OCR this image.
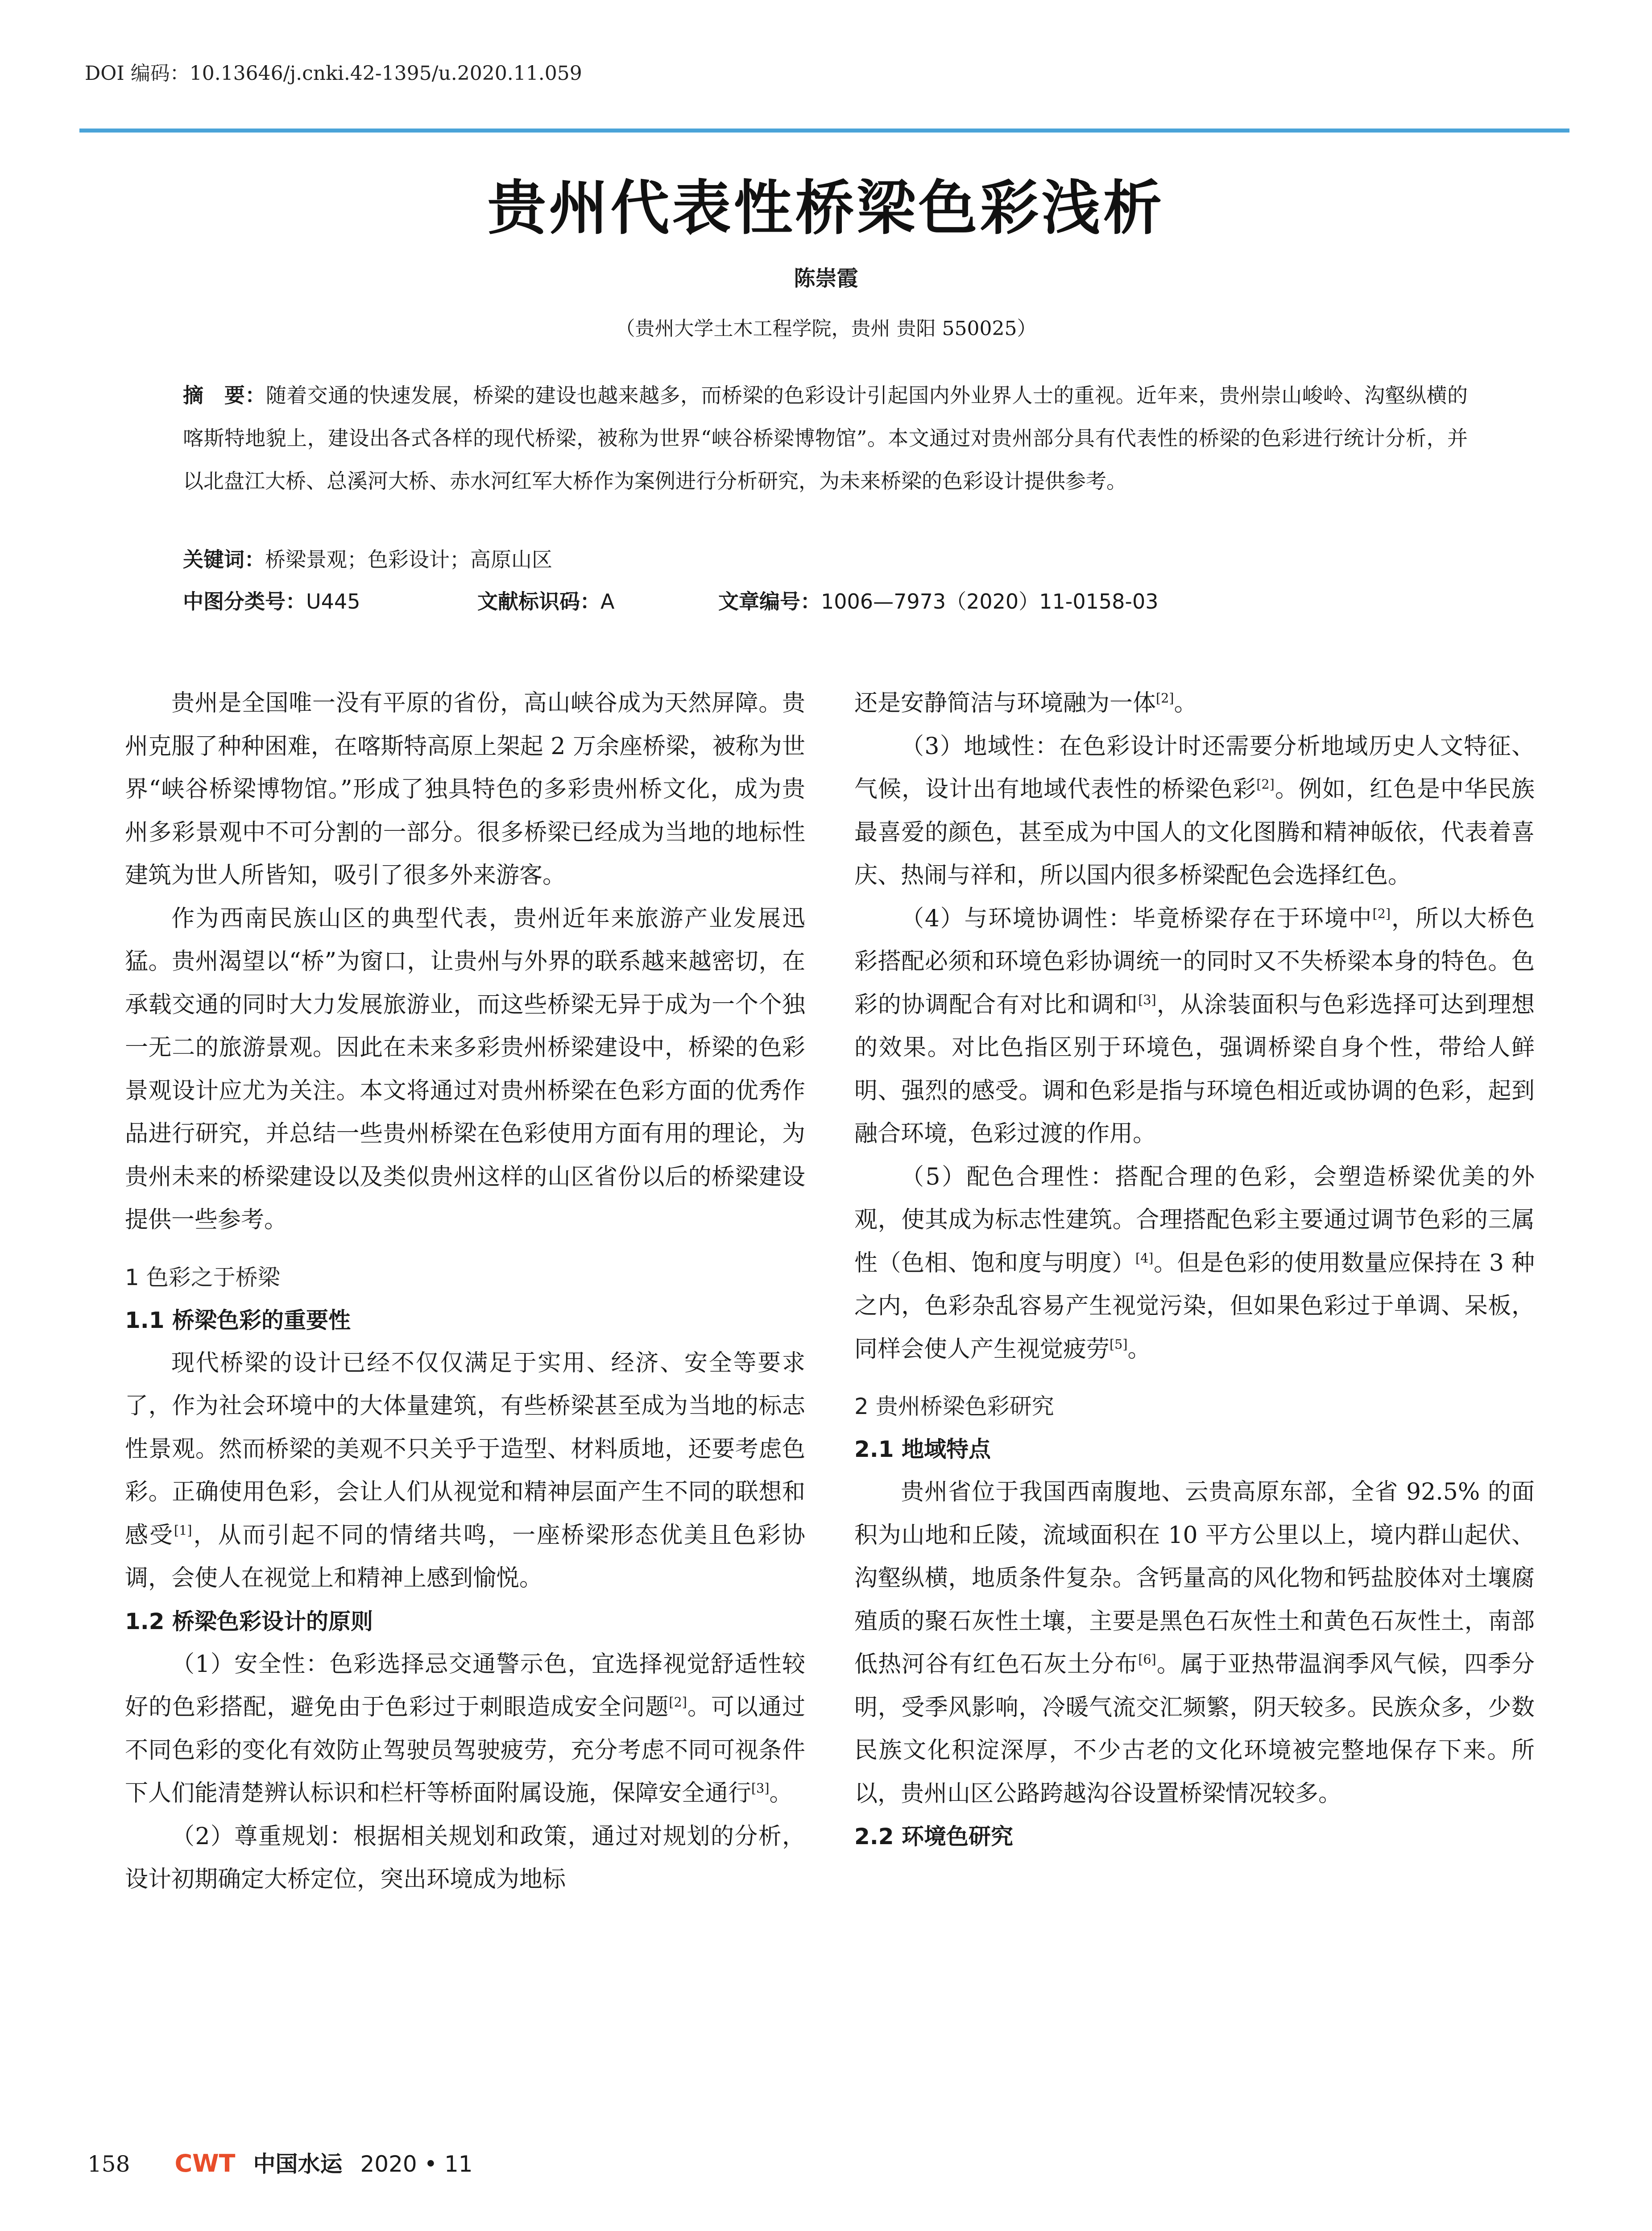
DOI 编码：10.13646/j.cnki.42-1395/u.2020.11.059
贵州代表性桥梁色彩浅析
陈崇霞
（贵州大学土木工程学院，贵州 贵阳 550025）
摘　要：随着交通的快速发展，桥梁的建设也越来越多，而桥梁的色彩设计引起国内外业界人士的重视。近年来，贵州崇山峻岭、沟壑纵横的喀斯特地貌上，建设出各式各样的现代桥梁，被称为世界“峡谷桥梁博物馆”。本文通过对贵州部分具有代表性的桥梁的色彩进行统计分析，并以北盘江大桥、总溪河大桥、赤水河红军大桥作为案例进行分析研究，为未来桥梁的色彩设计提供参考。
关键词：桥梁景观；色彩设计；高原山区
中图分类号：U445	文献标识码：A	文章编号：1006—7973（2020）11-0158-03

贵州是全国唯一没有平原的省份，高山峡谷成为天然屏障。贵州克服了种种困难，在喀斯特高原上架起 2 万余座桥梁，被称为世界“峡谷桥梁博物馆。”形成了独具特色的多彩贵州桥文化，成为贵州多彩景观中不可分割的一部分。很多桥梁已经成为当地的地标性建筑为世人所皆知，吸引了很多外来游客。

作为西南民族山区的典型代表，贵州近年来旅游产业发展迅猛。贵州渴望以“桥”为窗口，让贵州与外界的联系越来越密切，在承载交通的同时大力发展旅游业，而这些桥梁无异于成为一个个独一无二的旅游景观。因此在未来多彩贵州桥梁建设中，桥梁的色彩景观设计应尤为关注。本文将通过对贵州桥梁在色彩方面的优秀作品进行研究，并总结一些贵州桥梁在色彩使用方面有用的理论，为贵州未来的桥梁建设以及类似贵州这样的山区省份以后的桥梁建设提供一些参考。

1 色彩之于桥梁
1.1 桥梁色彩的重要性

现代桥梁的设计已经不仅仅满足于实用、经济、安全等要求了，作为社会环境中的大体量建筑，有些桥梁甚至成为当地的标志性景观。然而桥梁的美观不只关乎于造型、材料质地，还要考虑色彩。正确使用色彩，会让人们从视觉和精神层面产生不同的联想和感受[1]，从而引起不同的情绪共鸣，一座桥梁形态优美且色彩协调，会使人在视觉上和精神上感到愉悦。

1.2 桥梁色彩设计的原则

（1）安全性：色彩选择忌交通警示色，宜选择视觉舒适性较好的色彩搭配，避免由于色彩过于刺眼造成安全问题[2]。可以通过不同色彩的变化有效防止驾驶员驾驶疲劳，充分考虑不同可视条件下人们能清楚辨认标识和栏杆等桥面附属设施，保障安全通行[3]。

（2）尊重规划：根据相关规划和政策，通过对规划的分析，设计初期确定大桥定位，突出环境成为地标

还是安静简洁与环境融为一体[2]。

（3）地域性：在色彩设计时还需要分析地域历史人文特征、气候，设计出有地域代表性的桥梁色彩[2]。例如，红色是中华民族最喜爱的颜色，甚至成为中国人的文化图腾和精神皈依，代表着喜庆、热闹与祥和，所以国内很多桥梁配色会选择红色。

（4）与环境协调性：毕竟桥梁存在于环境中[2]，所以大桥色彩搭配必须和环境色彩协调统一的同时又不失桥梁本身的特色。色彩的协调配合有对比和调和[3]，从涂装面积与色彩选择可达到理想的效果。对比色指区别于环境色，强调桥梁自身个性，带给人鲜明、强烈的感受。调和色彩是指与环境色相近或协调的色彩，起到融合环境，色彩过渡的作用。

（5）配色合理性：搭配合理的色彩，会塑造桥梁优美的外观，使其成为标志性建筑。合理搭配色彩主要通过调节色彩的三属性（色相、饱和度与明度）[4]。但是色彩的使用数量应保持在 3 种之内，色彩杂乱容易产生视觉污染，但如果色彩过于单调、呆板，同样会使人产生视觉疲劳[5]。

2 贵州桥梁色彩研究
2.1 地域特点

贵州省位于我国西南腹地、云贵高原东部，全省 92.5% 的面积为山地和丘陵，流域面积在 10 平方公里以上，境内群山起伏、沟壑纵横，地质条件复杂。含钙量高的风化物和钙盐胶体对土壤腐殖质的聚石灰性土壤，主要是黑色石灰性土和黄色石灰性土，南部低热河谷有红色石灰土分布[6]。属于亚热带温润季风气候，四季分明，受季风影响，冷暖气流交汇频繁，阴天较多。民族众多，少数民族文化积淀深厚，不少古老的文化环境被完整地保存下来。所以，贵州山区公路跨越沟谷设置桥梁情况较多。

2.2 环境色研究
158 CWT 中国水运 2020 • 11
